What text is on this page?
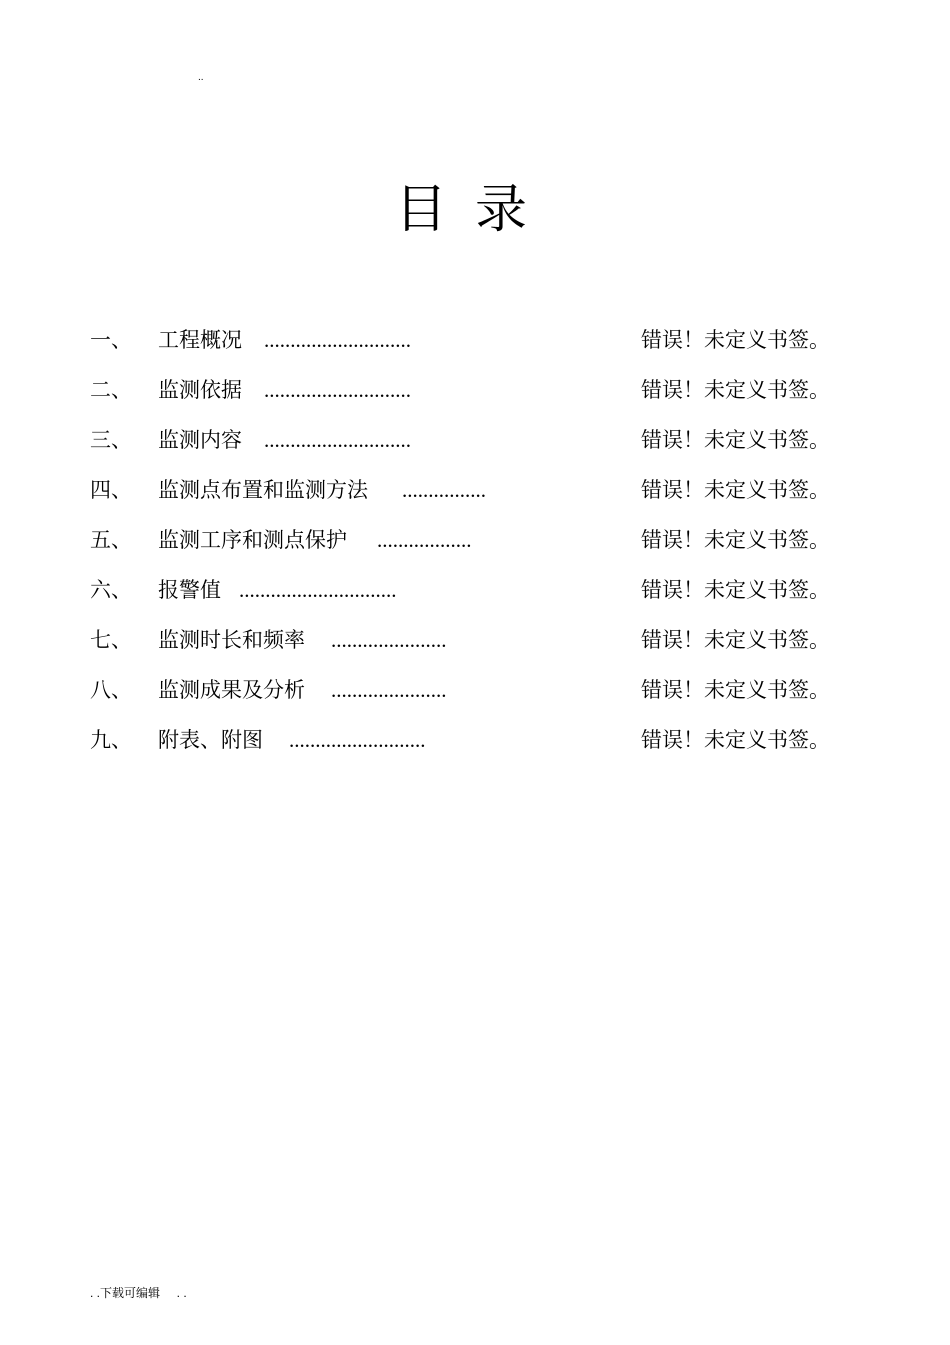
..
目录
一、 工程概况 ............................	错误！未定义书签。
二、 监测依据 ............................	错误！未定义书签。
三、 监测内容 ............................	错误！未定义书签。
四、 监测点布置和监测方法 ................	错误！未定义书签。
五、 监测工序和测点保护 ..................	错误！未定义书签。
六、 报警值 ..............................	错误！未定义书签。
七、 监测时长和频率 ......................	错误！未定义书签。
八、 监测成果及分析 ......................	错误！未定义书签。
九、 附表、附图 ..........................	错误！未定义书签。
. .下载可编辑     . .
